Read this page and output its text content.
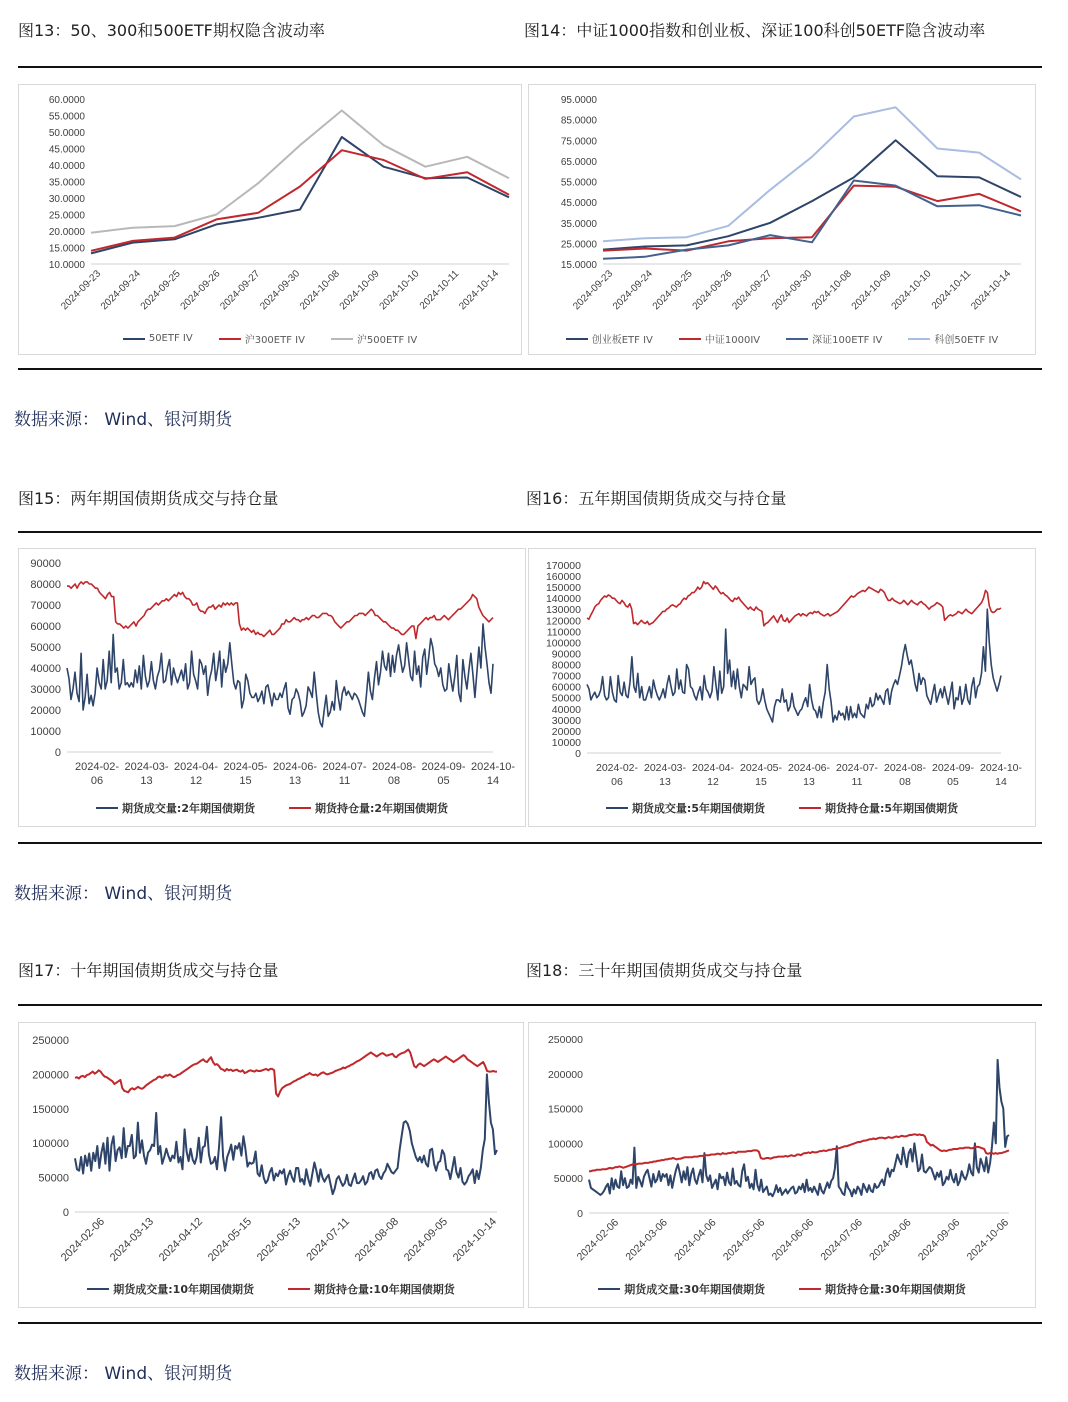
图13：50、300和500ETF期权隐含波动率	图14：中证1000指数和创业板、深证100科创50ETF隐含波动率
60.0000
55.0000
50.0000
45.0000
40.0000
35.0000
30.0000
25.0000
20.0000
15.0000
10.0000
2024-09-23
2024-09-24
2024-09-25
2024-09-26
2024-09-27
2024-09-30
2024-10-08
2024-10-09
2024-10-10
2024-10-11
2024-10-14
50ETF IV	沪300ETF IV	沪500ETF IV
95.0000
85.0000
75.0000
65.0000
55.0000
45.0000
35.0000
25.0000
15.0000
2024-09-23
2024-09-24
2024-09-25
2024-09-26
2024-09-27
2024-09-30
2024-10-08
2024-10-09
2024-10-10
2024-10-11
2024-10-14
创业板ETF IV	中证1000IV	深证100ETF IV	科创50ETF IV
数据来源： Wind、银河期货
图15：两年期国债期货成交与持仓量	图16：五年期国债期货成交与持仓量
90000
80000
70000
60000
50000
40000
30000
20000
10000
0
2024-02-
06
2024-03-
13
2024-04-
12
2024-05-
15
2024-06-
13
2024-07-
11
2024-08-
08
2024-09-
05
2024-10-
14
期货成交量:2年期国债期货	期货持仓量:2年期国债期货
170000
160000
150000
140000
130000
120000
110000
100000
90000
80000
70000
60000
50000
40000
30000
20000
10000
0
2024-02-
06
2024-03-
13
2024-04-
12
2024-05-
15
2024-06-
13
2024-07-
11
2024-08-
08
2024-09-
05
2024-10-
14
期货成交量:5年期国债期货	期货持仓量:5年期国债期货
数据来源： Wind、银河期货
图17：十年期国债期货成交与持仓量	图18：三十年期国债期货成交与持仓量
250000
200000
150000
100000
50000
0
2024-02-06 2024-03-13 2024-04-12 2024-05-15 2024-06-13 2024-07-11 2024-08-08 2024-09-05 2024-10-14
期货成交量:10年期国债期货	期货持仓量:10年期国债期货
250000
200000
150000
100000
50000
0
2024-02-06 2024-03-06 2024-04-06 2024-05-06 2024-06-06 2024-07-06 2024-08-06 2024-09-06 2024-10-06
期货成交量:30年期国债期货	期货持仓量:30年期国债期货
数据来源： Wind、银河期货
